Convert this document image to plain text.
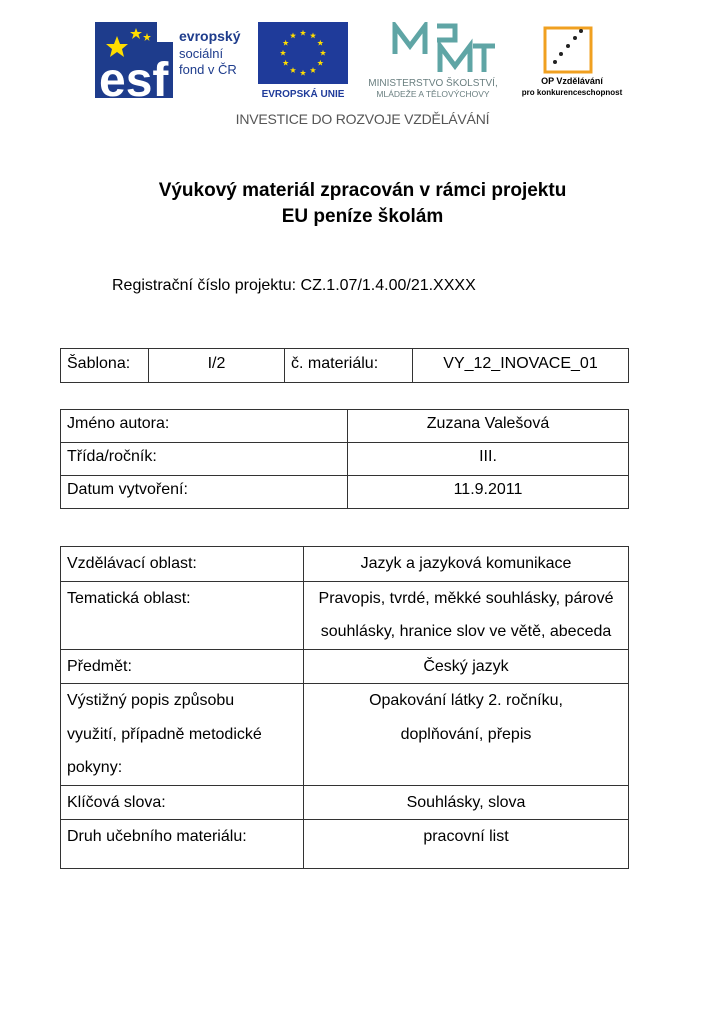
esf
evropský
sociální
fond v ČR
EVROPSKÁ UNIE
MINISTERSTVO ŠKOLSTVÍ,
MLÁDEŽE A TĚLOVÝCHOVY
OP Vzdělávání
pro konkurenceschopnost
INVESTICE DO ROZVOJE VZDĚLÁVÁNÍ
Výukový materiál zpracován v rámci projektu
EU peníze školám
Registrační číslo projektu: CZ.1.07/1.4.00/21.XXXX
Šablona:	I/2	č. materiálu:	VY_12_INOVACE_01
Jméno autora:	Zuzana Valešová
Třída/ročník:	III.
Datum vytvoření:	11.9.2011
Vzdělávací oblast:	Jazyk a jazyková komunikace
Tematická oblast:	Pravopis, tvrdé, měkké souhlásky, párové souhlásky, hranice slov ve větě, abeceda
Předmět:	Český jazyk
Výstižný popis způsobu využití, případně metodické pokyny:	Opakování látky 2. ročníku, doplňování, přepis
Klíčová slova:	Souhlásky, slova
Druh učebního materiálu:	pracovní list
